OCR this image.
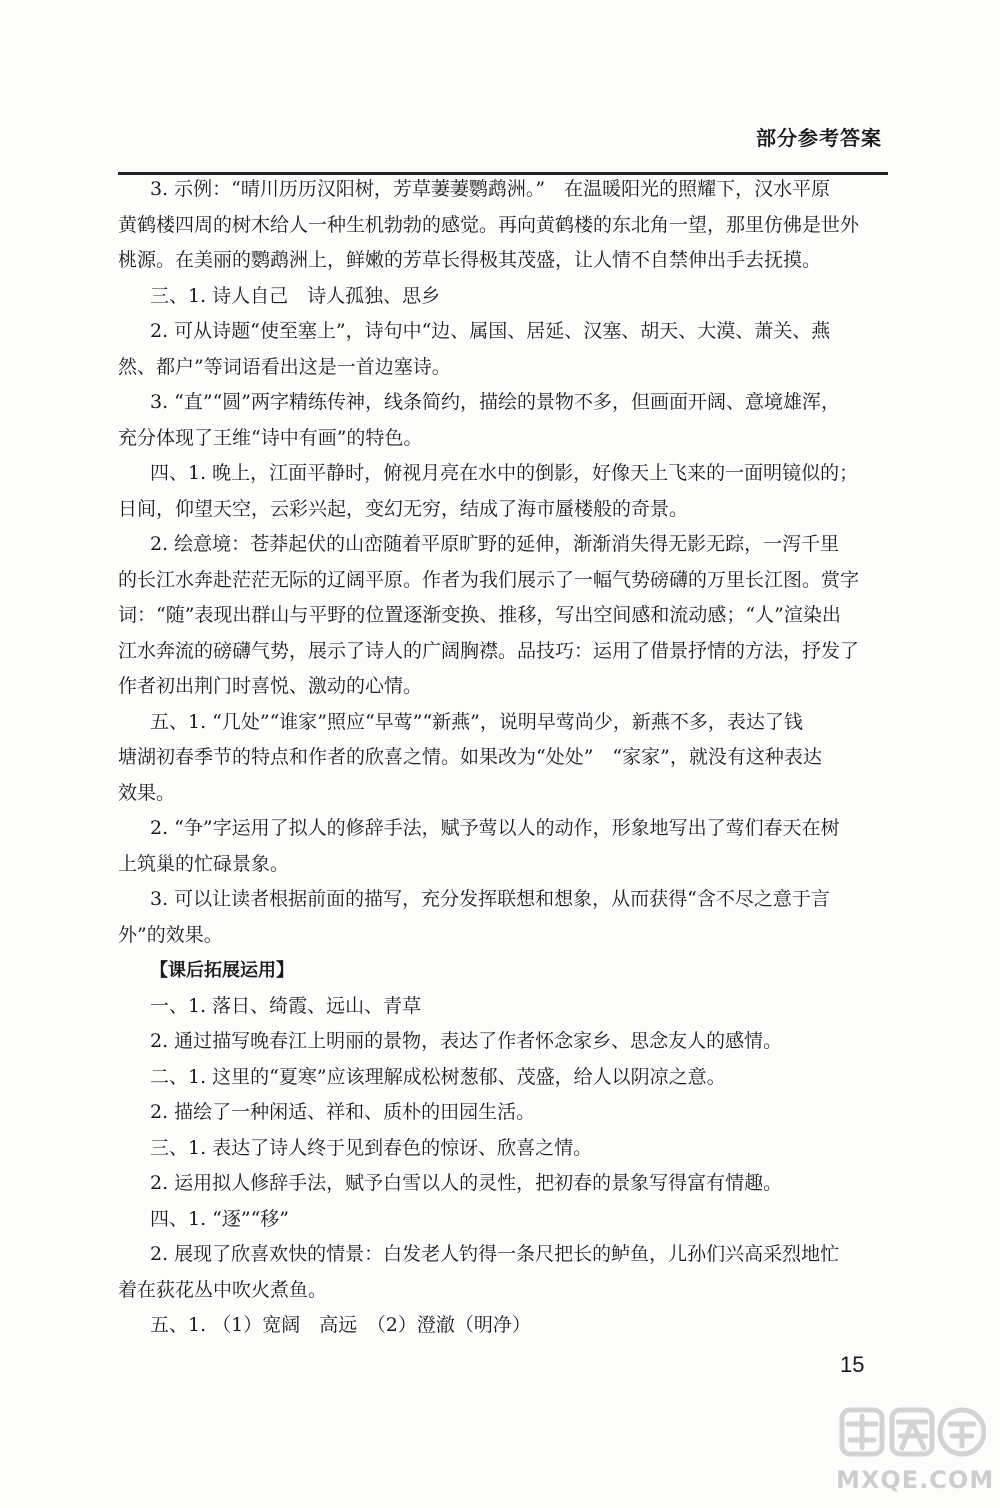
部分参考答案
3. 示例：“晴川历历汉阳树，芳草萋萋鹦鹉洲。”　在温暖阳光的照耀下，汉水平原
黄鹤楼四周的树木给人一种生机勃勃的感觉。再向黄鹤楼的东北角一望，那里仿佛是世外
桃源。在美丽的鹦鹉洲上，鲜嫩的芳草长得极其茂盛，让人情不自禁伸出手去抚摸。
三、1. 诗人自己　诗人孤独、思乡
2. 可从诗题“使至塞上”，诗句中“边、属国、居延、汉塞、胡天、大漠、萧关、燕
然、都户”等词语看出这是一首边塞诗。
3. “直”“圆”两字精练传神，线条简约，描绘的景物不多，但画面开阔、意境雄浑，
充分体现了王维“诗中有画”的特色。
四、1. 晚上，江面平静时，俯视月亮在水中的倒影，好像天上飞来的一面明镜似的；
日间，仰望天空，云彩兴起，变幻无穷，结成了海市蜃楼般的奇景。
2. 绘意境：苍莽起伏的山峦随着平原旷野的延伸，渐渐消失得无影无踪，一泻千里
的长江水奔赴茫茫无际的辽阔平原。作者为我们展示了一幅气势磅礴的万里长江图。赏字
词：“随”表现出群山与平野的位置逐渐变换、推移，写出空间感和流动感；“人”渲染出
江水奔流的磅礴气势，展示了诗人的广阔胸襟。品技巧：运用了借景抒情的方法，抒发了
作者初出荆门时喜悦、激动的心情。
五、1. “几处”“谁家”照应“早莺”“新燕”，说明早莺尚少，新燕不多，表达了钱
塘湖初春季节的特点和作者的欣喜之情。如果改为“处处”　“家家”，就没有这种表达
效果。
2. “争”字运用了拟人的修辞手法，赋予莺以人的动作，形象地写出了莺们春天在树
上筑巢的忙碌景象。
3. 可以让读者根据前面的描写，充分发挥联想和想象，从而获得“含不尽之意于言
外”的效果。
【课后拓展运用】
一、1. 落日、绮霞、远山、青草
2. 通过描写晚春江上明丽的景物，表达了作者怀念家乡、思念友人的感情。
二、1. 这里的“夏寒”应该理解成松树葱郁、茂盛，给人以阴凉之意。
2. 描绘了一种闲适、祥和、质朴的田园生活。
三、1. 表达了诗人终于见到春色的惊讶、欣喜之情。
2. 运用拟人修辞手法，赋予白雪以人的灵性，把初春的景象写得富有情趣。
四、1. “逐”“移”
2. 展现了欣喜欢快的情景：白发老人钓得一条尺把长的鲈鱼，儿孙们兴高采烈地忙
着在荻花丛中吹火煮鱼。
五、1. （1）宽阔　高远　（2）澄澈（明净）
15
MXQE.COM
